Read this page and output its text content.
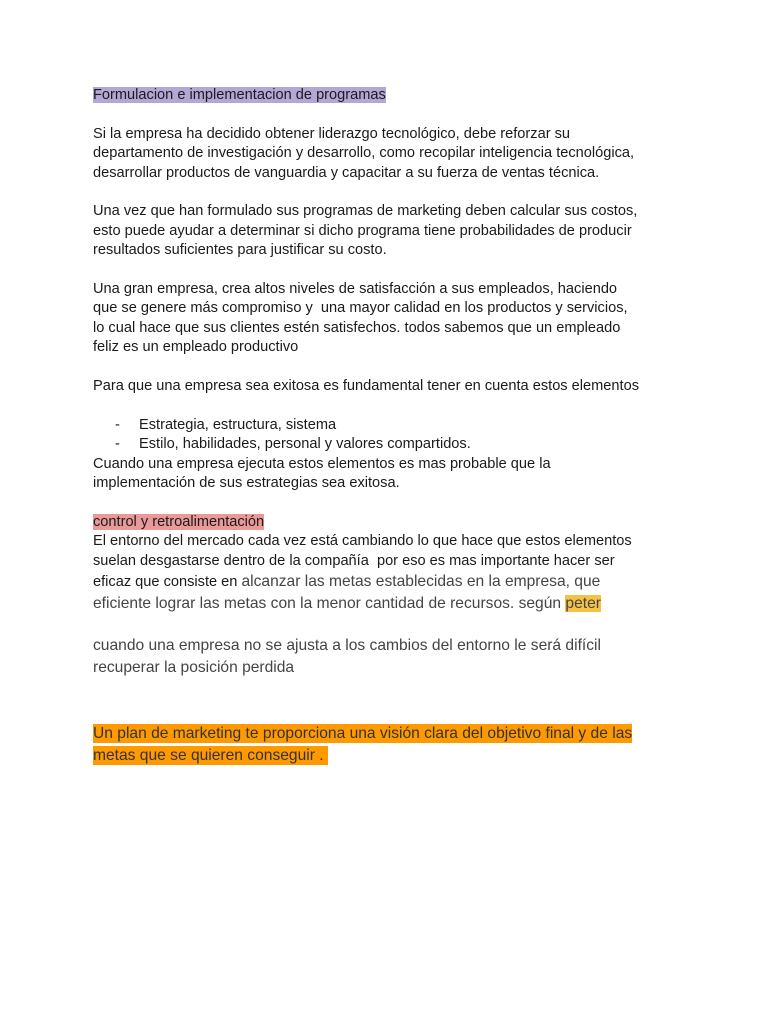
Formulacion e implementacion de programas

Si la empresa ha decidido obtener liderazgo tecnológico, debe reforzar su
departamento de investigación y desarrollo, como recopilar inteligencia tecnológica,
desarrollar productos de vanguardia y capacitar a su fuerza de ventas técnica.

Una vez que han formulado sus programas de marketing deben calcular sus costos,
esto puede ayudar a determinar si dicho programa tiene probabilidades de producir
resultados suficientes para justificar su costo.

Una gran empresa, crea altos niveles de satisfacción a sus empleados, haciendo
que se genere más compromiso y  una mayor calidad en los productos y servicios,
lo cual hace que sus clientes estén satisfechos. todos sabemos que un empleado
feliz es un empleado productivo

Para que una empresa sea exitosa es fundamental tener en cuenta estos elementos

- Estrategia, estructura, sistema
- Estilo, habilidades, personal y valores compartidos.

Cuando una empresa ejecuta estos elementos es mas probable que la
implementación de sus estrategias sea exitosa.

control y retroalimentación

El entorno del mercado cada vez está cambiando lo que hace que estos elementos
suelan desgastarse dentro de la compañía  por eso es mas importante hacer ser
eficaz que consiste en alcanzar las metas establecidas en la empresa, que
eficiente lograr las metas con la menor cantidad de recursos. según peter

cuando una empresa no se ajusta a los cambios del entorno le será difícil
recuperar la posición perdida

Un plan de marketing te proporciona una visión clara del objetivo final y de las
metas que se quieren conseguir .
